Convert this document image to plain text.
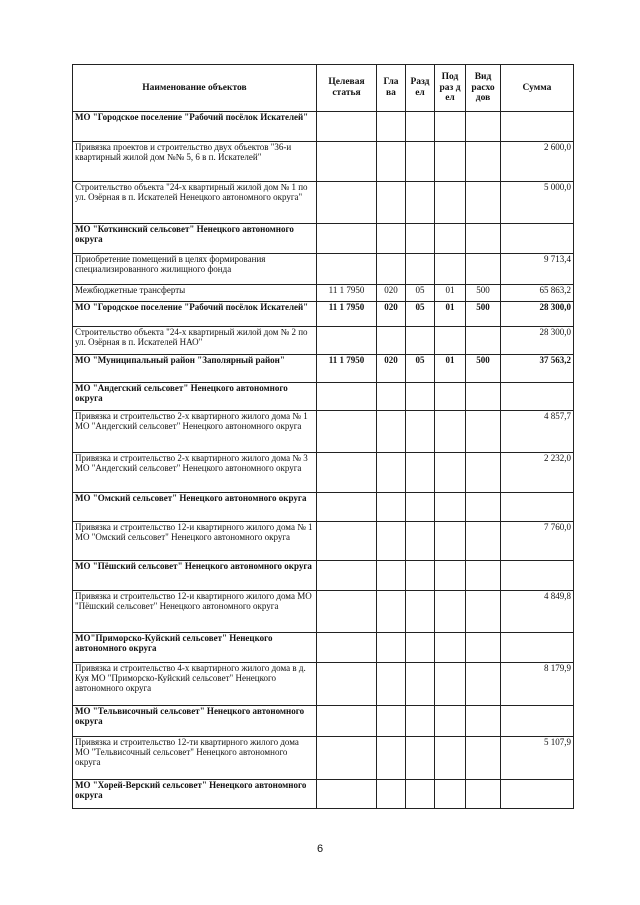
Наименование объектов	Целевая статья	Гла ва	Разд ел	Под раз д ел	Вид расхо дов	Сумма
МО "Городское поселение "Рабочий посёлок Искателей"						
Привязка проектов и строительство двух объектов "36-и квартирный жилой дом №№ 5, 6 в п. Искателей"						2 600,0
Строительство объекта "24-х квартирный жилой дом № 1 по ул. Озёрная в п. Искателей Ненецкого автономного округа"						5 000,0
МО "Коткинский сельсовет" Ненецкого автономного округа						
Приобретение помещений в целях формирования специализированного жилищного фонда						9 713,4
Межбюджетные трансферты	11 1 7950	020	05	01	500	65 863,2
МО "Городское поселение "Рабочий посёлок Искателей"	11 1 7950	020	05	01	500	28 300,0
Строительство объекта "24-х квартирный жилой дом № 2 по ул. Озёрная в п. Искателей НАО"						28 300,0
МО "Муниципальный район "Заполярный район"	11 1 7950	020	05	01	500	37 563,2
МО "Андегский сельсовет" Ненецкого автономного округа						
Привязка и строительство 2-х квартирного жилого дома № 1 МО "Андегский сельсовет" Ненецкого автономного округа						4 857,7
Привязка и строительство 2-х квартирного жилого дома № 3 МО "Андегский сельсовет" Ненецкого автономного округа						2 232,0
МО "Омский сельсовет" Ненецкого автономного округа						
Привязка и строительство 12-и квартирного жилого дома № 1 МО "Омский сельсовет" Ненецкого автономного округа						7 760,0
МО "Пёшский сельсовет" Ненецкого автономного округа						
Привязка и строительство 12-и квартирного жилого дома МО "Пёшский сельсовет" Ненецкого автономного округа						4 849,8
МО"Приморско-Куйский сельсовет" Ненецкого автономного округа						
Привязка и строительство 4-х квартирного жилого дома в д. Куя МО "Приморско-Куйский сельсовет" Ненецкого автономного округа						8 179,9
МО "Тельвисочный сельсовет" Ненецкого автономного округа						
Привязка и строительство 12-ти квартирного жилого дома МО "Тельвисочный сельсовет" Ненецкого автономного округа						5 107,9
МО "Хорей-Верский сельсовет" Ненецкого автономного округа						
6
